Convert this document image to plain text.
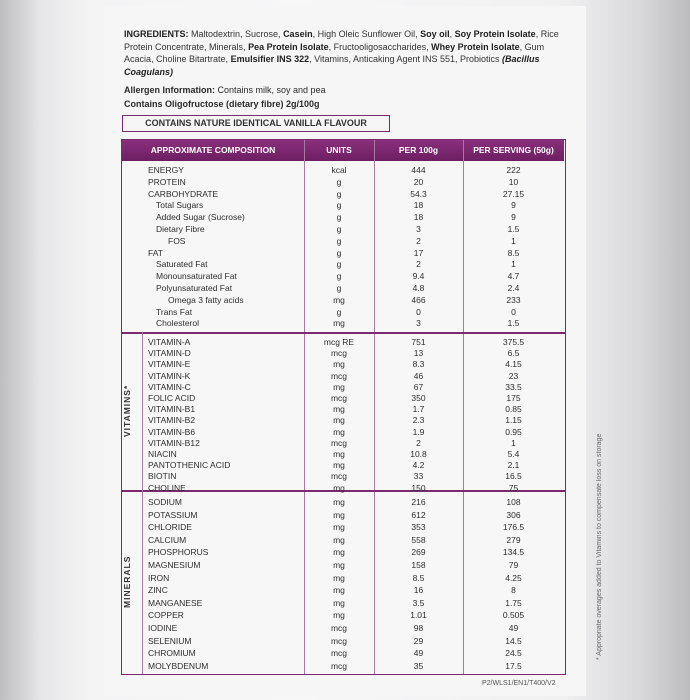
INGREDIENTS: Maltodextrin, Sucrose, Casein, High Oleic Sunflower Oil, Soy oil, Soy Protein Isolate, Rice Protein Concentrate, Minerals, Pea Protein Isolate, Fructooligosaccharides, Whey Protein Isolate, Gum Acacia, Choline Bitartrate, Emulsifier INS 322, Vitamins, Anticaking Agent INS 551, Probiotics (Bacillus Coagulans)
Allergen Information: Contains milk, soy and pea
Contains Oligofructose (dietary fibre) 2g/100g
CONTAINS NATURE IDENTICAL VANILLA FLAVOUR
APPROXIMATE COMPOSITION	UNITS	PER 100g	PER SERVING (50g)
VITAMINS*
MINERALS
ENERGY	kcal	444	222
PROTEIN	g	20	10
CARBOHYDRATE	g	54.3	27.15
Total Sugars	g	18	9
Added Sugar (Sucrose)	g	18	9
Dietary Fibre	g	3	1.5
FOS	g	2	1
FAT	g	17	8.5
Saturated Fat	g	2	1
Monounsaturated Fat	g	9.4	4.7
Polyunsaturated Fat	g	4.8	2.4
Omega 3 fatty acids	mg	466	233
Trans Fat	g	0	0
Cholesterol	mg	3	1.5
VITAMIN-A	mcg RE	751	375.5
VITAMIN-D	mcg	13	6.5
VITAMIN-E	mg	8.3	4.15
VITAMIN-K	mcg	46	23
VITAMIN-C	mg	67	33.5
FOLIC ACID	mcg	350	175
VITAMIN-B1	mg	1.7	0.85
VITAMIN-B2	mg	2.3	1.15
VITAMIN-B6	mg	1.9	0.95
VITAMIN-B12	mcg	2	1
NIACIN	mg	10.8	5.4
PANTOTHENIC ACID	mg	4.2	2.1
BIOTIN	mcg	33	16.5
CHOLINE	mg	150	75
SODIUM	mg	216	108
POTASSIUM	mg	612	306
CHLORIDE	mg	353	176.5
CALCIUM	mg	558	279
PHOSPHORUS	mg	269	134.5
MAGNESIUM	mg	158	79
IRON	mg	8.5	4.25
ZINC	mg	16	8
MANGANESE	mg	3.5	1.75
COPPER	mg	1.01	0.505
IODINE	mcg	98	49
SELENIUM	mcg	29	14.5
CHROMIUM	mcg	49	24.5
MOLYBDENUM	mcg	35	17.5
* Appropriate overages added to Vitamins to compensate loss on storage
P2/WLS1/EN1/T400/V2
